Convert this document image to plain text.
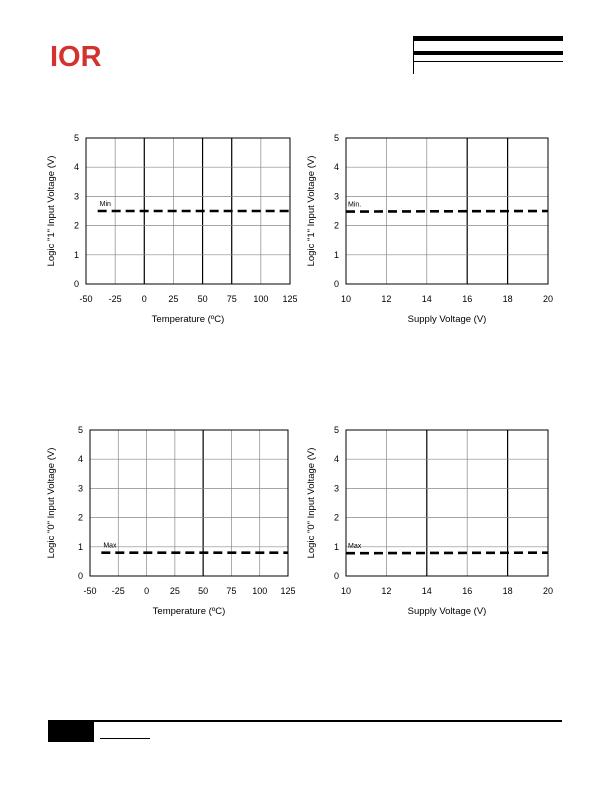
IOR
-50 -25 0 25 50 75 100 125
0
1
2
3
4
5
Min
Temperature (ºC)
Logic "1" Input Voltage (V)
10	12	14	16	18	20
0
1
2
3
4
5
Min.
Supply Voltage (V)
Logic "1" Input Voltage (V)
-50 -25 0 25 50 75 100 125
0
1
2
3
4
5
Max
Temperature (ºC)
Logic "0" Input Voltage (V)
10	12	14	16	18	20
0
1
2
3
4
5
Max
Supply Voltage (V)
Logic "0" Input Voltage (V)
